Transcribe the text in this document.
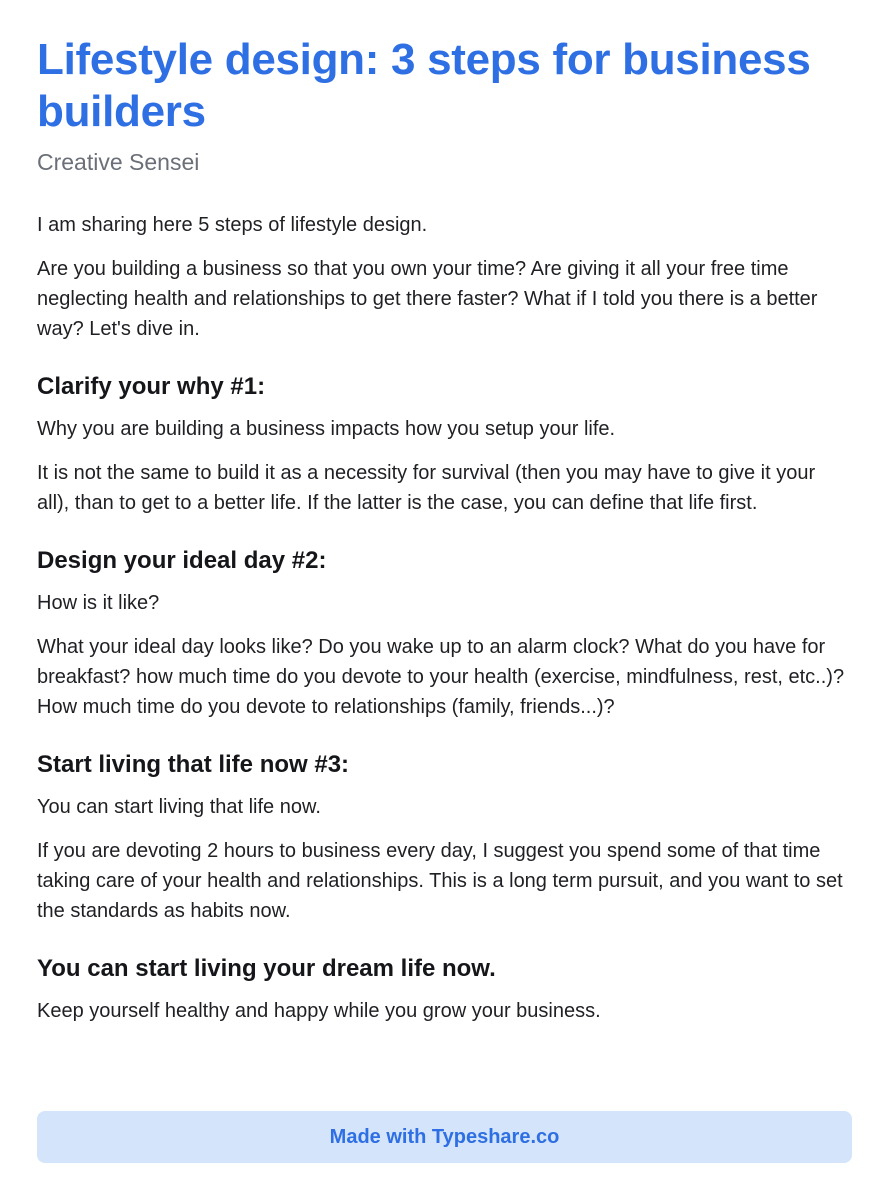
Lifestyle design: 3 steps for business builders
Creative Sensei

I am sharing here 5 steps of lifestyle design.

Are you building a business so that you own your time? Are giving it all your free time neglecting health and relationships to get there faster? What if I told you there is a better way? Let's dive in.

Clarify your why #1:

Why you are building a business impacts how you setup your life.

It is not the same to build it as a necessity for survival (then you may have to give it your all), than to get to a better life. If the latter is the case, you can define that life first.

Design your ideal day #2:

How is it like?

What your ideal day looks like? Do you wake up to an alarm clock? What do you have for breakfast? how much time do you devote to your health (exercise, mindfulness, rest, etc..)? How much time do you devote to relationships (family, friends...)?

Start living that life now #3:

You can start living that life now.

If you are devoting 2 hours to business every day, I suggest you spend some of that time taking care of your health and relationships. This is a long term pursuit, and you want to set the standards as habits now.

You can start living your dream life now.

Keep yourself healthy and happy while you grow your business.

Made with Typeshare.co
